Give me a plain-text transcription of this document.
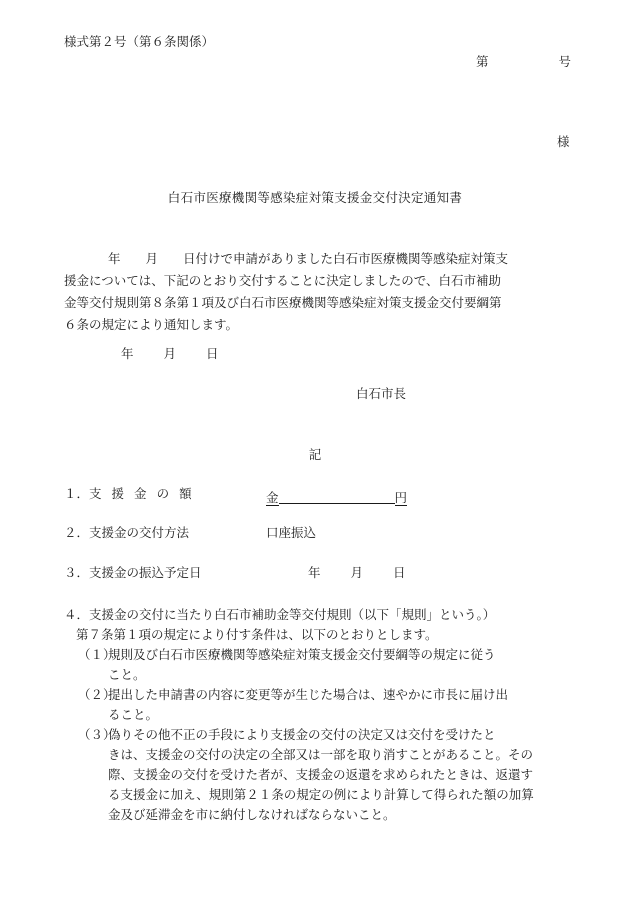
様式第２号（第６条関係）
第	号
様
白石市医療機関等感染症対策支援金交付決定通知書

年　　月　　日付けで申請がありました白石市医療機関等感染症対策支

援金については、下記のとおり交付することに決定しましたので、白石市補助

金等交付規則第８条第１項及び白石市医療機関等感染症対策支援金交付要綱第

６条の規定により通知します。

年 月 日
白石市長
記
１．支 援 金 の 額	金	円
２．支援金の交付方法	口座振込
３．支援金の振込予定日	年 月 日
４．支援金の交付に当たり白石市補助金等交付規則（以下「規則」という。）
第７条第１項の規定により付す条件は、以下のとおりとします。
（１）
規則及び白石市医療機関等感染症対策支援金交付要綱等の規定に従う
こと。
（２）
提出した申請書の内容に変更等が生じた場合は、速やかに市長に届け出
ること。
（３）
偽りその他不正の手段により支援金の交付の決定又は交付を受けたと
きは、支援金の交付の決定の全部又は一部を取り消すことがあること。その
際、支援金の交付を受けた者が、支援金の返還を求められたときは、返還す
る支援金に加え、規則第２１条の規定の例により計算して得られた額の加算
金及び延滞金を市に納付しなければならないこと。
